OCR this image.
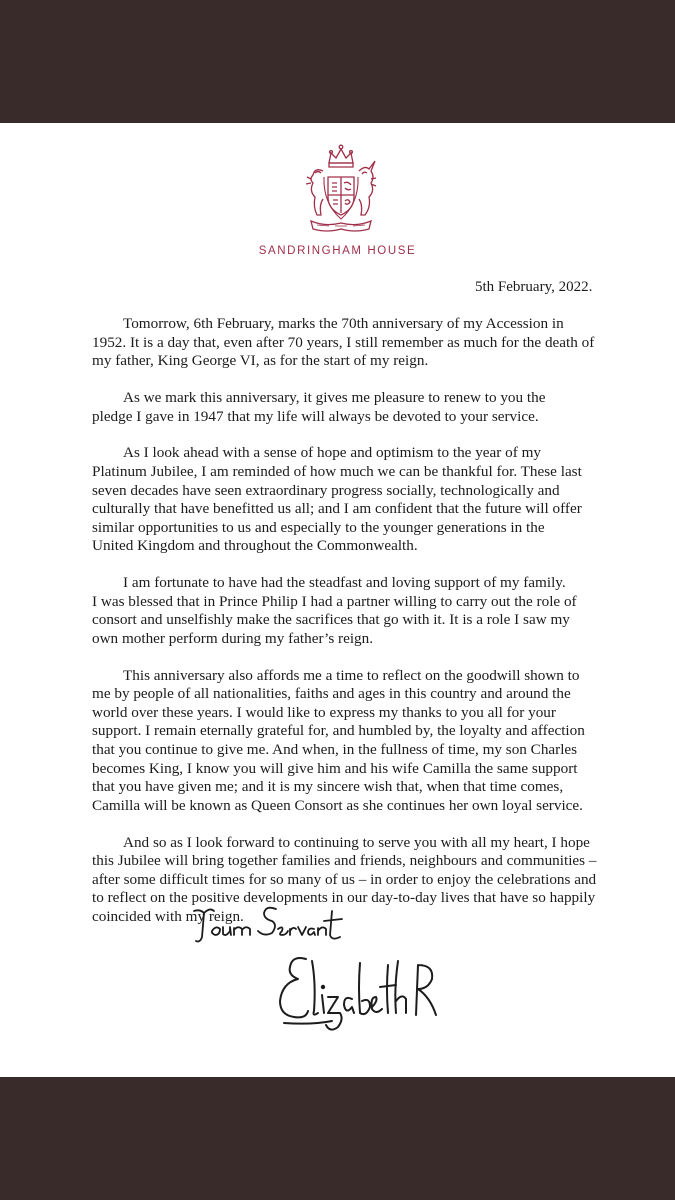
SANDRINGHAM HOUSE
5th February, 2022.

Tomorrow, 6th February, marks the 70th anniversary of my Accession in
1952. It is a day that, even after 70 years, I still remember as much for the death of
my father, King George VI, as for the start of my reign.

As we mark this anniversary, it gives me pleasure to renew to you the
pledge I gave in 1947 that my life will always be devoted to your service.

As I look ahead with a sense of hope and optimism to the year of my
Platinum Jubilee, I am reminded of how much we can be thankful for. These last
seven decades have seen extraordinary progress socially, technologically and
culturally that have benefitted us all; and I am confident that the future will offer
similar opportunities to us and especially to the younger generations in the
United Kingdom and throughout the Commonwealth.

I am fortunate to have had the steadfast and loving support of my family.
I was blessed that in Prince Philip I had a partner willing to carry out the role of
consort and unselfishly make the sacrifices that go with it. It is a role I saw my
own mother perform during my father’s reign.

This anniversary also affords me a time to reflect on the goodwill shown to
me by people of all nationalities, faiths and ages in this country and around the
world over these years. I would like to express my thanks to you all for your
support. I remain eternally grateful for, and humbled by, the loyalty and affection
that you continue to give me. And when, in the fullness of time, my son Charles
becomes King, I know you will give him and his wife Camilla the same support
that you have given me; and it is my sincere wish that, when that time comes,
Camilla will be known as Queen Consort as she continues her own loyal service.

And so as I look forward to continuing to serve you with all my heart, I hope
this Jubilee will bring together families and friends, neighbours and communities –
after some difficult times for so many of us – in order to enjoy the celebrations and
to reflect on the positive developments in our day-to-day lives that have so happily
coincided with my reign.
